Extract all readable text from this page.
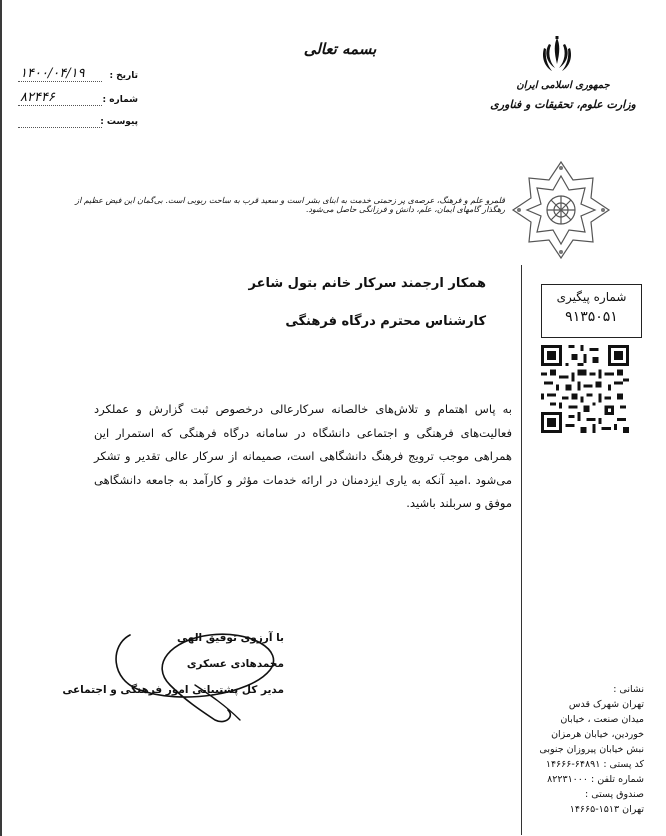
بسمه تعالی
۱۴۰۰/۰۴/۱۹	تاریخ :
۸۲۴۴۶	شماره :
پیوست :
جمهوری اسلامی ایران
وزارت علوم، تحقیقات و فناوری
قلمرو علم و فرهنگ، عرصه‌ی پر زحمتی خدمت به ابنای بشر است و ‌سعید قرب به ساحت ربوبی است. بی‌گمان این فیض عظیم از رهگذار گامهای ایمان، علم، دانش و فرزانگی حاصل می‌شود.
شماره پیگیری
۹۱۳۵۰۵۱
همکار ارجمند سرکار خانم بتول شاعر
کارشناس محترم درگاه فرهنگی
به پاس اهتمام و تلاش‌های خالصانه سرکارعالی درخصوص ثبت گزارش و عملکرد فعالیت‌های فرهنگی و اجتماعی دانشگاه در سامانه درگاه فرهنگی که استمرار این همراهی موجب ترویج فرهنگ دانشگاهی است، صمیمانه از سرکار عالی تقدیر و تشکر می‌شود .امید آنکه به یاری ایزدمنان در ارائه خدمات مؤثر و کارآمد به جامعه دانشگاهی موفق و سربلند باشید.
با آرزوی توفیق الهی
محمدهادی عسکری
مدیر کل پشتیبانی امور فرهنگی و اجتماعی	نشانی :
تهران شهرک قدس
میدان صنعت ، خیابان
خوردین، خیابان هرمزان
نبش خیابان پیروزان جنوبی
کد پستی : ۶۴۸۹۱-۱۴۶۶۶
شماره تلفن : ۸۲۲۳۱۰۰۰
صندوق پستی :
تهران ۱۵۱۳-۱۴۶۶۵
